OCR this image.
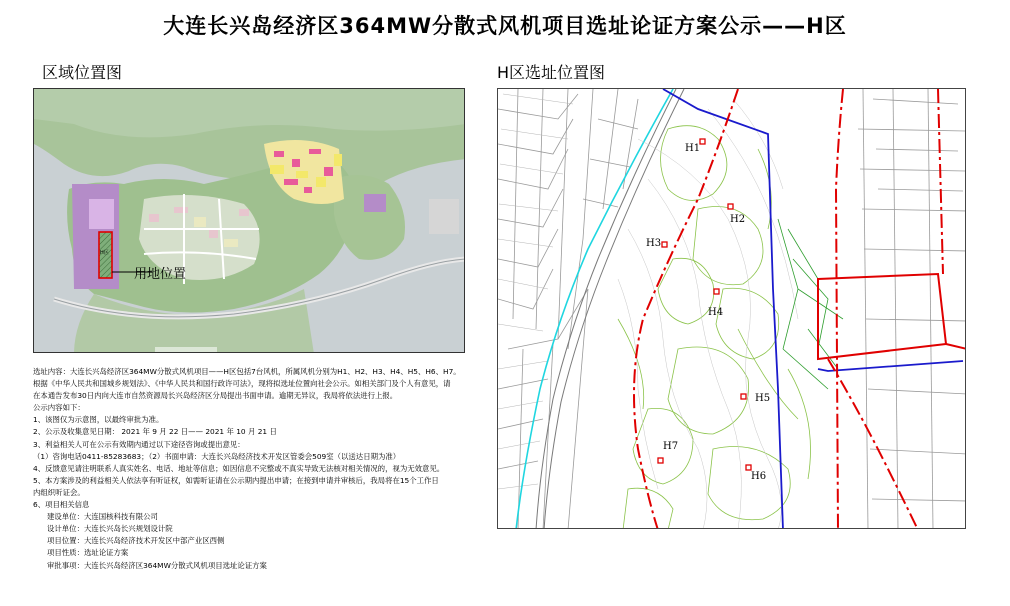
大连长兴岛经济区364MW分散式风机项目选址论证方案公示——H区
区域位置图	H区选址位置图
用地位置
H区
H1
H2
H3
H4
H5
H6
H7
选址内容：大连长兴岛经济区364MW分散式风机项目——H区包括7台风机，所属风机分别为H1、H2、H3、H4、H5、H6、H7。
根据《中华人民共和国城乡规划法》、《中华人民共和国行政许可法》，现将拟选址位置向社会公示。如相关部门及个人有意见，请
在本通告发布30日内向大连市自然资源局长兴岛经济区分局提出书面申请。逾期无异议，我局将依法进行上报。
公示内容如下：
1、该图仅为示意图，以最终审批为准。
2、公示及收集意见日期： 2021 年 9 月 22 日—— 2021 年 10 月 21 日
3、利益相关人可在公示有效期内通过以下途径咨询或提出意见：
（1）咨询电话0411-85283683；（2）书面申请：大连长兴岛经济技术开发区管委会509室（以送达日期为准）
4、反馈意见请注明联系人真实姓名、电话、地址等信息；如因信息不完整或不真实导致无法核对相关情况的，视为无效意见。
5、本方案涉及的利益相关人依法享有听证权，如需听证请在公示期内提出申请；在接到申请并审核后，我局将在15个工作日
内组织听证会。
6、项目相关信息
建设单位：大连国核科技有限公司
设计单位：大连长兴岛长兴规划设计院
项目位置：大连长兴岛经济技术开发区中部产业区西侧
项目性质：选址论证方案
审批事项：大连长兴岛经济区364MW分散式风机项目选址论证方案
